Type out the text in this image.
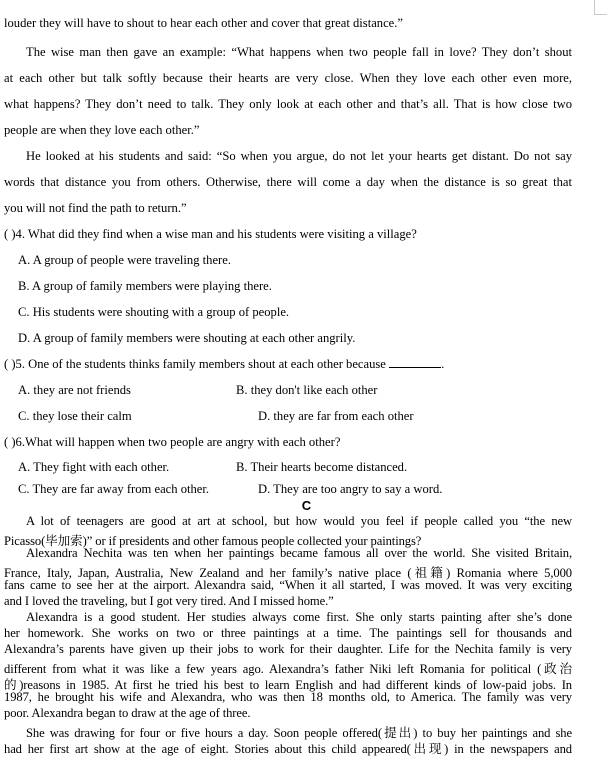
louder they will have to shout to hear each other and cover that great distance.”
The wise man then gave an example: “What happens when two people fall in love? They don’t shout
at each other but talk softly because their hearts are very close. When they love each other even more,
what happens? They don’t need to talk. They only look at each other and that’s all. That is how close two
people are when they love each other.”
He looked at his students and said: “So when you argue, do not let your hearts get distant. Do not say
words that distance you from others. Otherwise, there will come a day when the distance is so great that
you will not find the path to return.”
( )4. What did they find when a wise man and his students were visiting a village?
A. A group of people were traveling there.
B. A group of family members were playing there.
C. His students were shouting with a group of people.
D. A group of family members were shouting at each other angrily.
( )5. One of the students thinks family members shout at each other because	.
A. they are not friends	B. they don't like each other
C. they lose their calm	D. they are far from each other
( )6.What will happen when two people are angry with each other?
A. They fight with each other.	B. Their hearts become distanced.
C. They are far away from each other.	D. They are too angry to say a word.
C
A lot of teenagers are good at art at school, but how would you feel if people called you “the new
Picasso(毕加索)” or if presidents and other famous people collected your paintings?
Alexandra Nechita was ten when her paintings became famous all over the world. She visited Britain,
France, Italy, Japan, Australia, New Zealand and her family’s native place (祖籍) Romania where 5,000
fans came to see her at the airport. Alexandra said, “When it all started, I was moved. It was very exciting
and I loved the traveling, but I got very tired. And I missed home.”
Alexandra is a good student. Her studies always come first. She only starts painting after she’s done
her homework. She works on two or three paintings at a time. The paintings sell for thousands and
Alexandra’s parents have given up their jobs to work for their daughter. Life for the Nechita family is very
different from what it was like a few years ago. Alexandra’s father Niki left Romania for political (政治
的)reasons in 1985. At first he tried his best to learn English and had different kinds of low-paid jobs. In
1987, he brought his wife and Alexandra, who was then 18 months old, to America. The family was very
poor. Alexandra began to draw at the age of three.
She was drawing for four or five hours a day. Soon people offered(提出) to buy her paintings and she
had her first art show at the age of eight. Stories about this child appeared(出现) in the newspapers and
